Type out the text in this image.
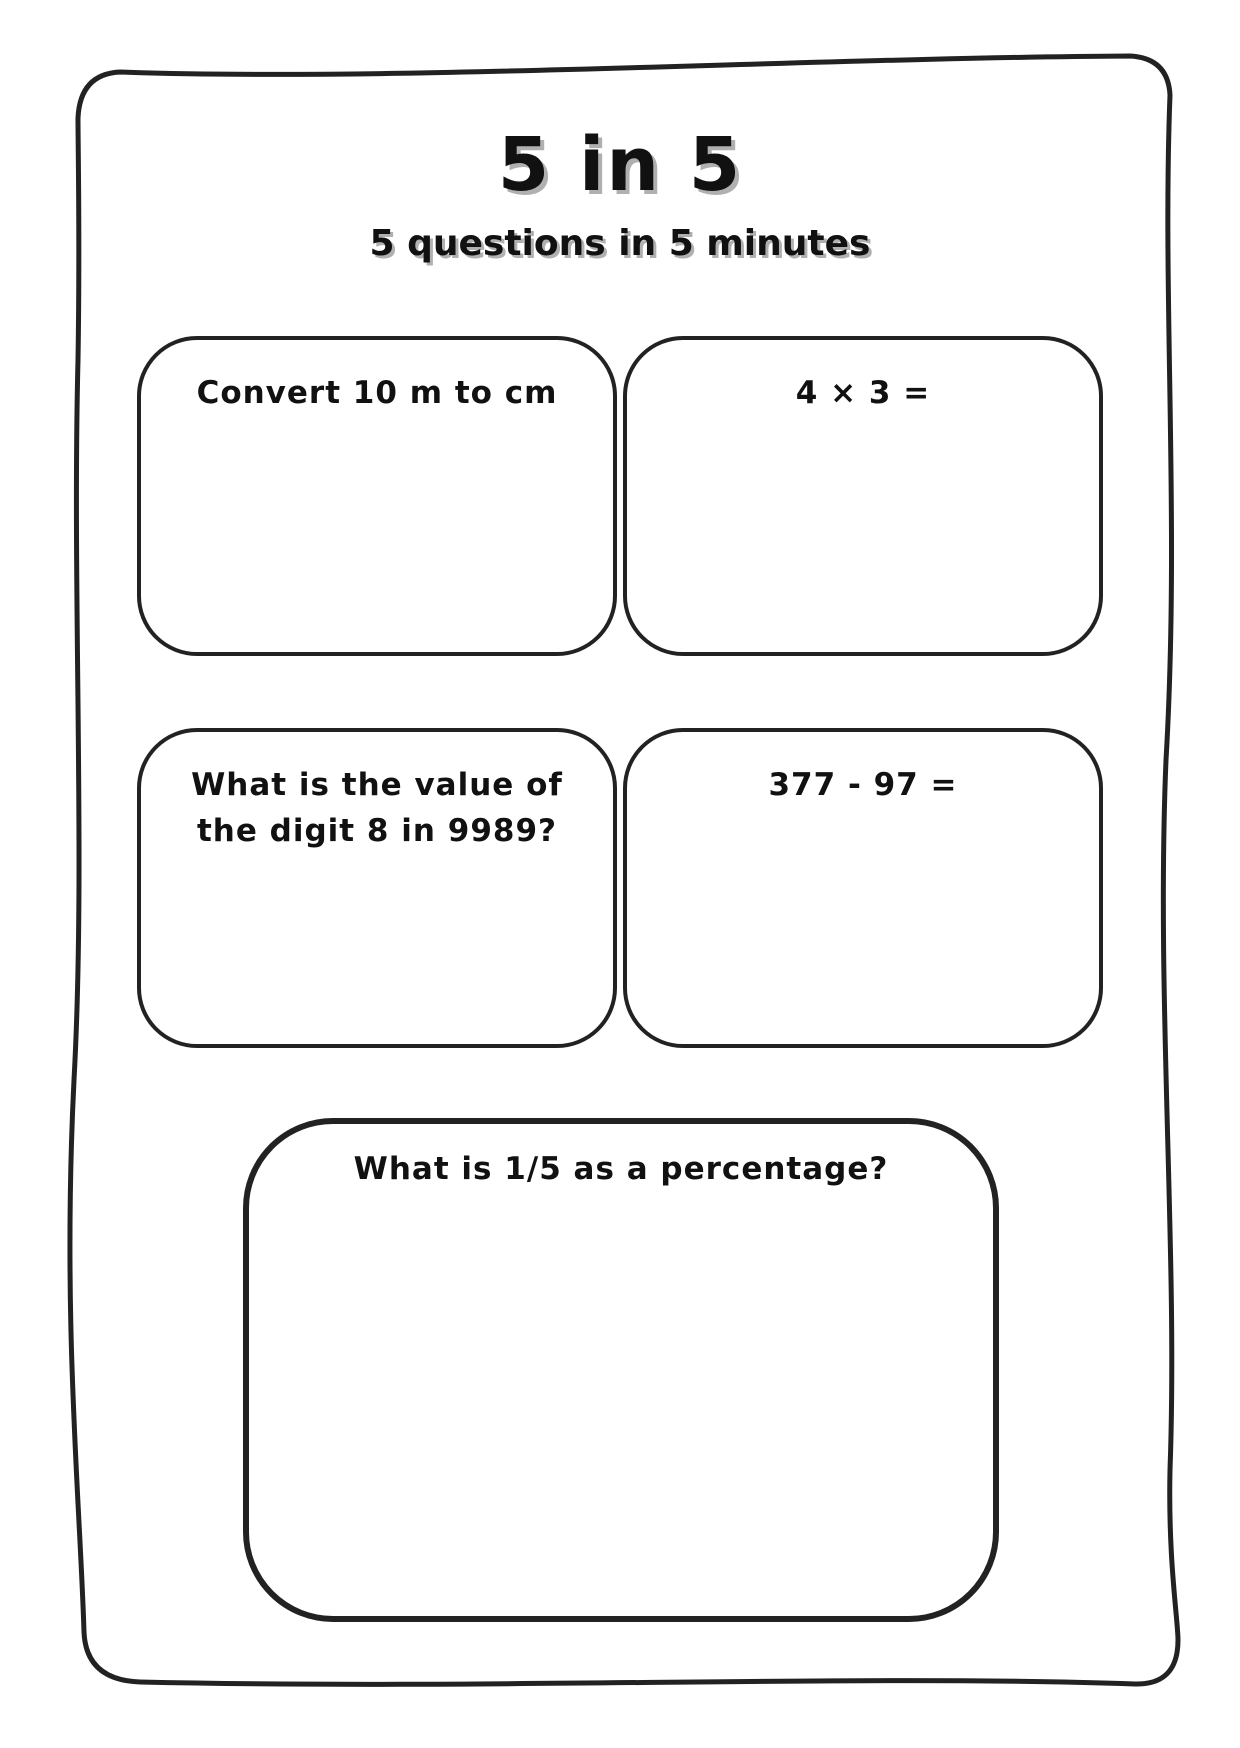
5 in 5
5 questions in 5 minutes
Convert 10 m to cm	4 × 3 =
What is the value of the digit 8 in 9989?
377 - 97 =
What is 1/5 as a percentage?
